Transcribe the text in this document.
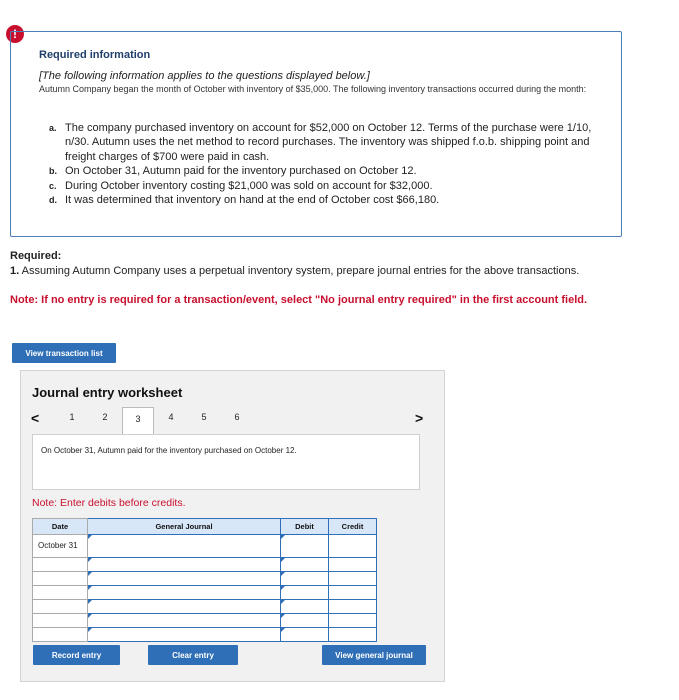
!
Required information
[The following information applies to the questions displayed below.]
Autumn Company began the month of October with inventory of $35,000. The following inventory transactions occurred during the month:
a. The company purchased inventory on account for $52,000 on October 12. Terms of the purchase were 1/10, n/30. Autumn uses the net method to record purchases. The inventory was shipped f.o.b. shipping point and freight charges of $700 were paid in cash.
b. On October 31, Autumn paid for the inventory purchased on October 12.
c. During October inventory costing $21,000 was sold on account for $32,000.
d. It was determined that inventory on hand at the end of October cost $66,180.
Required:
1. Assuming Autumn Company uses a perpetual inventory system, prepare journal entries for the above transactions.
Note: If no entry is required for a transaction/event, select "No journal entry required" in the first account field.
View transaction list
Journal entry worksheet
<	1	2	3	4	5	6	>
On October 31, Autumn paid for the inventory purchased on October 12.
Note: Enter debits before credits.
Date	General Journal	Debit	Credit

October 31			

Record entry	Clear entry	View general journal
